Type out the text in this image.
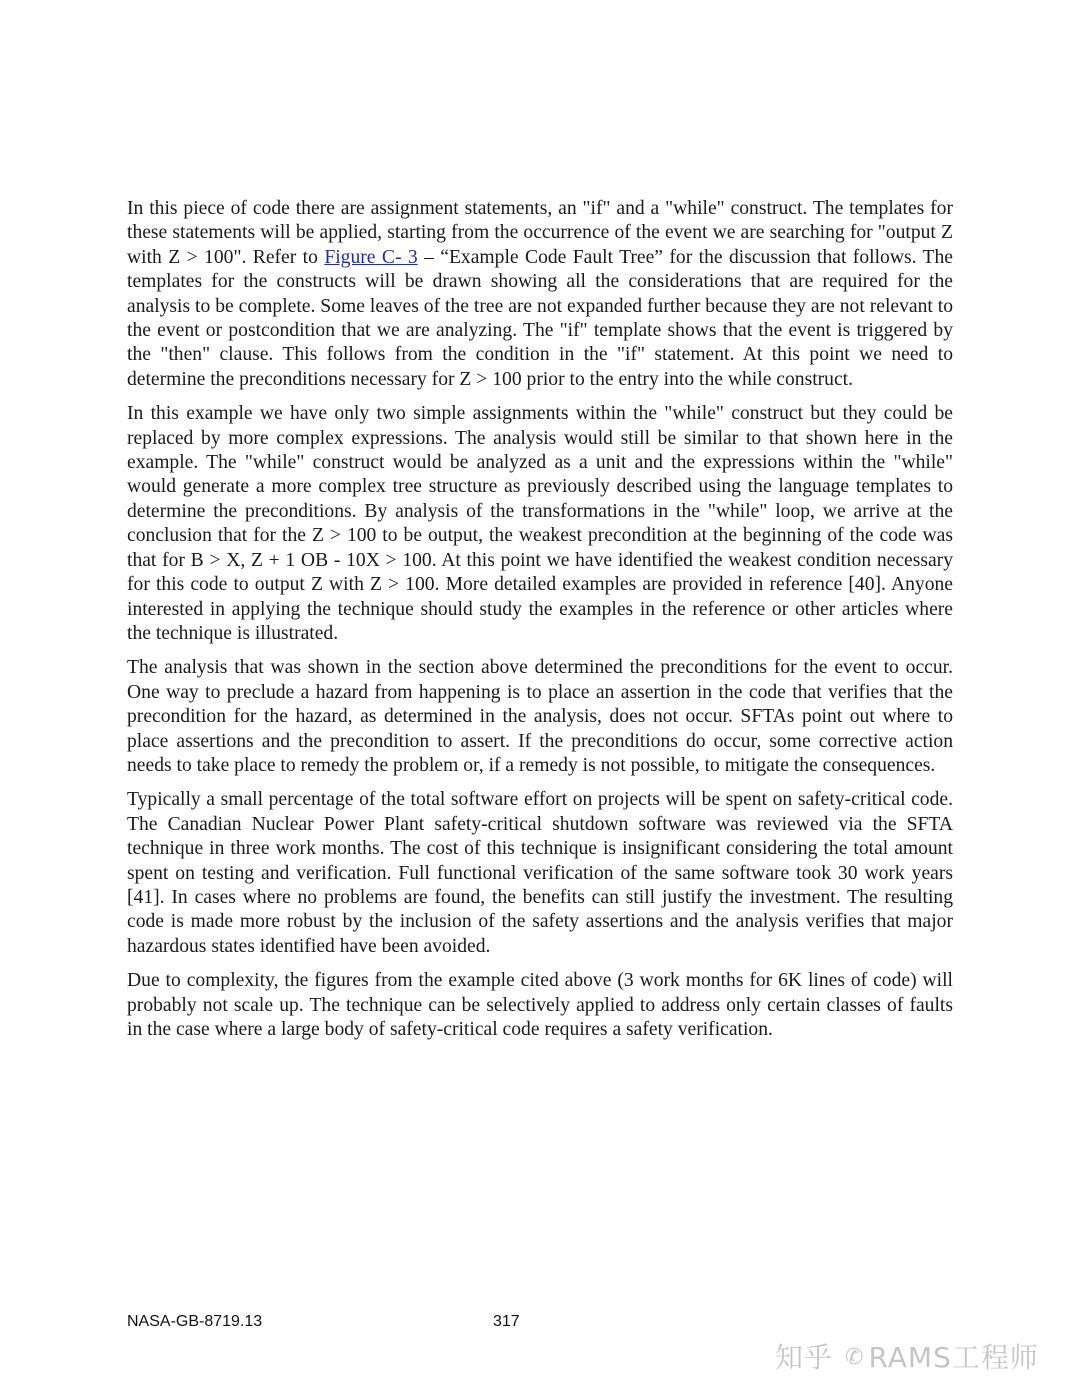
In this piece of code there are assignment statements, an "if" and a "while" construct. The templates for these statements will be applied, starting from the occurrence of the event we are searching for "output Z with Z > 100". Refer to Figure C- 3 – “Example Code Fault Tree” for the discussion that follows. The templates for the constructs will be drawn showing all the considerations that are required for the analysis to be complete. Some leaves of the tree are not expanded further because they are not relevant to the event or postcondition that we are analyzing. The "if" template shows that the event is triggered by the "then" clause. This follows from the condition in the "if" statement. At this point we need to determine the preconditions necessary for Z > 100 prior to the entry into the while construct.

In this example we have only two simple assignments within the "while" construct but they could be replaced by more complex expressions. The analysis would still be similar to that shown here in the example. The "while" construct would be analyzed as a unit and the expressions within the "while" would generate a more complex tree structure as previously described using the language templates to determine the preconditions. By analysis of the transformations in the "while" loop, we arrive at the conclusion that for the Z > 100 to be output, the weakest precondition at the beginning of the code was that for B > X, Z + 1 OB - 10X > 100. At this point we have identified the weakest condition necessary for this code to output Z with Z > 100. More detailed examples are provided in reference [40]. Anyone interested in applying the technique should study the examples in the reference or other articles where the technique is illustrated.

The analysis that was shown in the section above determined the preconditions for the event to occur. One way to preclude a hazard from happening is to place an assertion in the code that verifies that the precondition for the hazard, as determined in the analysis, does not occur. SFTAs point out where to place assertions and the precondition to assert. If the preconditions do occur, some corrective action needs to take place to remedy the problem or, if a remedy is not possible, to mitigate the consequences.

Typically a small percentage of the total software effort on projects will be spent on safety-critical code. The Canadian Nuclear Power Plant safety-critical shutdown software was reviewed via the SFTA technique in three work months. The cost of this technique is insignificant considering the total amount spent on testing and verification. Full functional verification of the same software took 30 work years [41]. In cases where no problems are found, the benefits can still justify the investment. The resulting code is made more robust by the inclusion of the safety assertions and the analysis verifies that major hazardous states identified have been avoided.

Due to complexity, the figures from the example cited above (3 work months for 6K lines of code) will probably not scale up. The technique can be selectively applied to address only certain classes of faults in the case where a large body of safety-critical code requires a safety verification.

NASA-GB-8719.13	317
知乎 ✆ RAMS工程师
